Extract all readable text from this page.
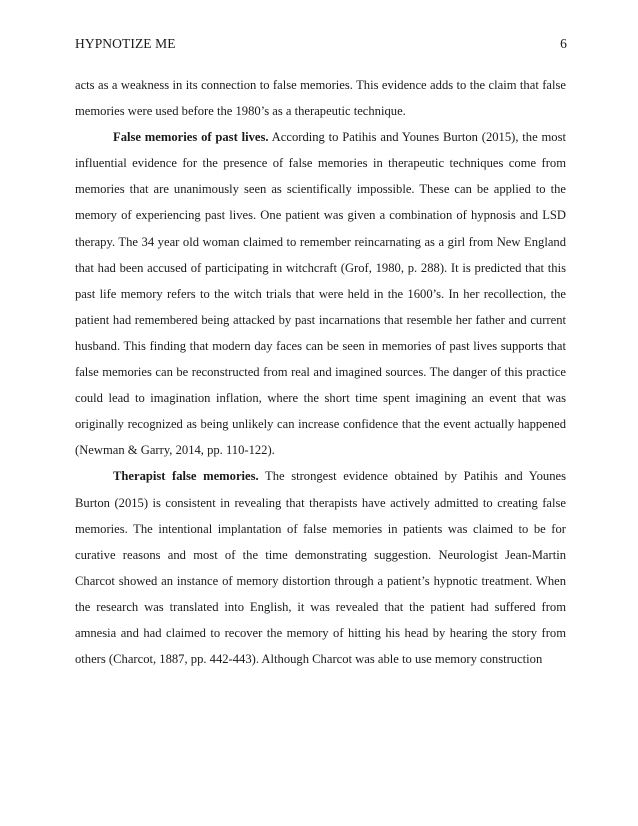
HYPNOTIZE ME	6

acts as a weakness in its connection to false memories. This evidence adds to the claim that false memories were used before the 1980’s as a therapeutic technique.

False memories of past lives. According to Patihis and Younes Burton (2015), the most influential evidence for the presence of false memories in therapeutic techniques come from memories that are unanimously seen as scientifically impossible. These can be applied to the memory of experiencing past lives. One patient was given a combination of hypnosis and LSD therapy. The 34 year old woman claimed to remember reincarnating as a girl from New England that had been accused of participating in witchcraft (Grof, 1980, p. 288). It is predicted that this past life memory refers to the witch trials that were held in the 1600’s. In her recollection, the patient had remembered being attacked by past incarnations that resemble her father and current husband. This finding that modern day faces can be seen in memories of past lives supports that false memories can be reconstructed from real and imagined sources. The danger of this practice could lead to imagination inflation, where the short time spent imagining an event that was originally recognized as being unlikely can increase confidence that the event actually happened (Newman & Garry, 2014, pp. 110-122).

Therapist false memories. The strongest evidence obtained by Patihis and Younes Burton (2015) is consistent in revealing that therapists have actively admitted to creating false memories. The intentional implantation of false memories in patients was claimed to be for curative reasons and most of the time demonstrating suggestion. Neurologist Jean-Martin Charcot showed an instance of memory distortion through a patient’s hypnotic treatment. When the research was translated into English, it was revealed that the patient had suffered from amnesia and had claimed to recover the memory of hitting his head by hearing the story from others (Charcot, 1887, pp. 442-443). Although Charcot was able to use memory construction
